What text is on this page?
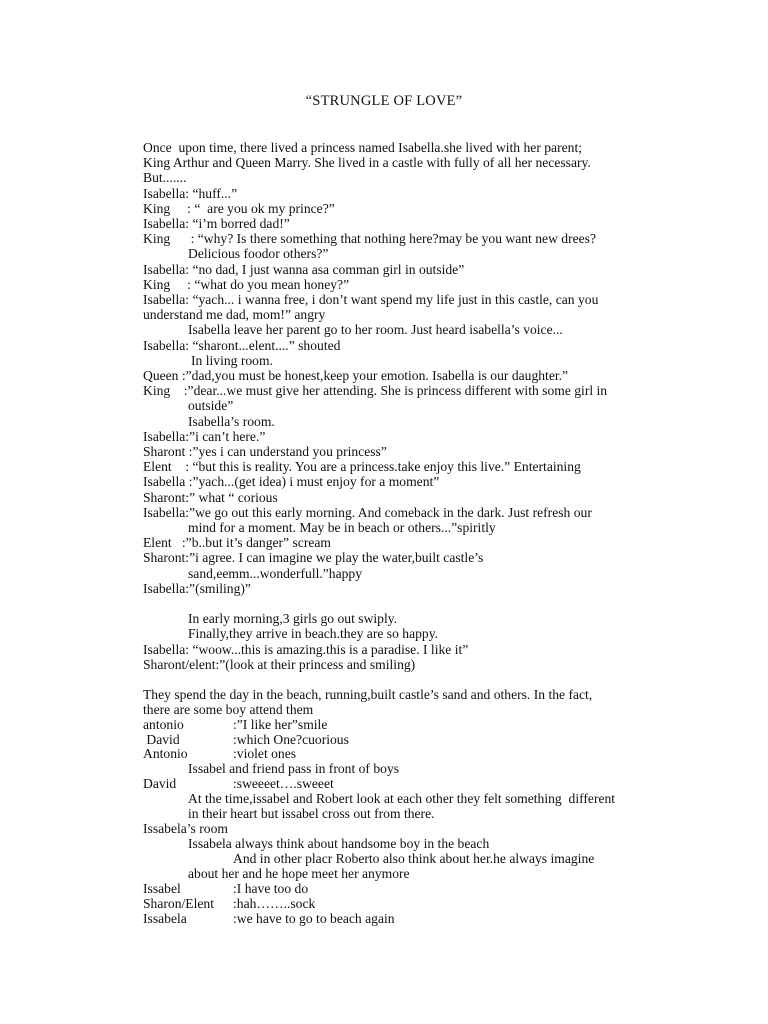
“STRUNGLE OF LOVE”
Once  upon time, there lived a princess named Isabella.she lived with her parent;
King Arthur and Queen Marry. She lived in a castle with fully of all her necessary.
But.......
Isabella: “huff...”
King     : “  are you ok my prince?”
Isabella: “i’m borred dad!”
King      : “why? Is there something that nothing here?may be you want new drees?
Delicious foodor others?”
Isabella: “no dad, I just wanna asa comman girl in outside”
King     : “what do you mean honey?”
Isabella: “yach... i wanna free, i don’t want spend my life just in this castle, can you
understand me dad, mom!” angry
Isabella leave her parent go to her room. Just heard isabella’s voice...
Isabella: “sharont...elent....” shouted
In living room.
Queen :”dad,you must be honest,keep your emotion. Isabella is our daughter.”
King    :”dear...we must give her attending. She is princess different with some girl in
outside”
Isabella’s room.
Isabella:”i can’t here.”
Sharont :”yes i can understand you princess”
Elent    : “but this is reality. You are a princess.take enjoy this live.” Entertaining
Isabella :”yach...(get idea) i must enjoy for a moment”
Sharont:” what “ corious
Isabella:”we go out this early morning. And comeback in the dark. Just refresh our
mind for a moment. May be in beach or others...”spiritly
Elent   :”b..but it’s danger” scream
Sharont:”i agree. I can imagine we play the water,built castle’s
sand,eemm...wonderfull.”happy
Isabella:”(smiling)”
In early morning,3 girls go out swiply.
Finally,they arrive in beach.they are so happy.
Isabella: “woow...this is amazing.this is a paradise. I like it”
Sharont/elent:”(look at their princess and smiling)
They spend the day in the beach, running,built castle’s sand and others. In the fact,
there are some boy attend them
antonio	:”I like her”smile
David	:which One?cuorious
Antonio	:violet ones
Issabel and friend pass in front of boys
David	:sweeeet….sweeet
At the time,issabel and Robert look at each other they felt something  different
in their heart but issabel cross out from there.
Issabela’s room
Issabela always think about handsome boy in the beach
And in other placr Roberto also think about her.he always imagine
about her and he hope meet her anymore
Issabel	:I have too do
Sharon/Elent :hah……..sock
Issabela	:we have to go to beach again
